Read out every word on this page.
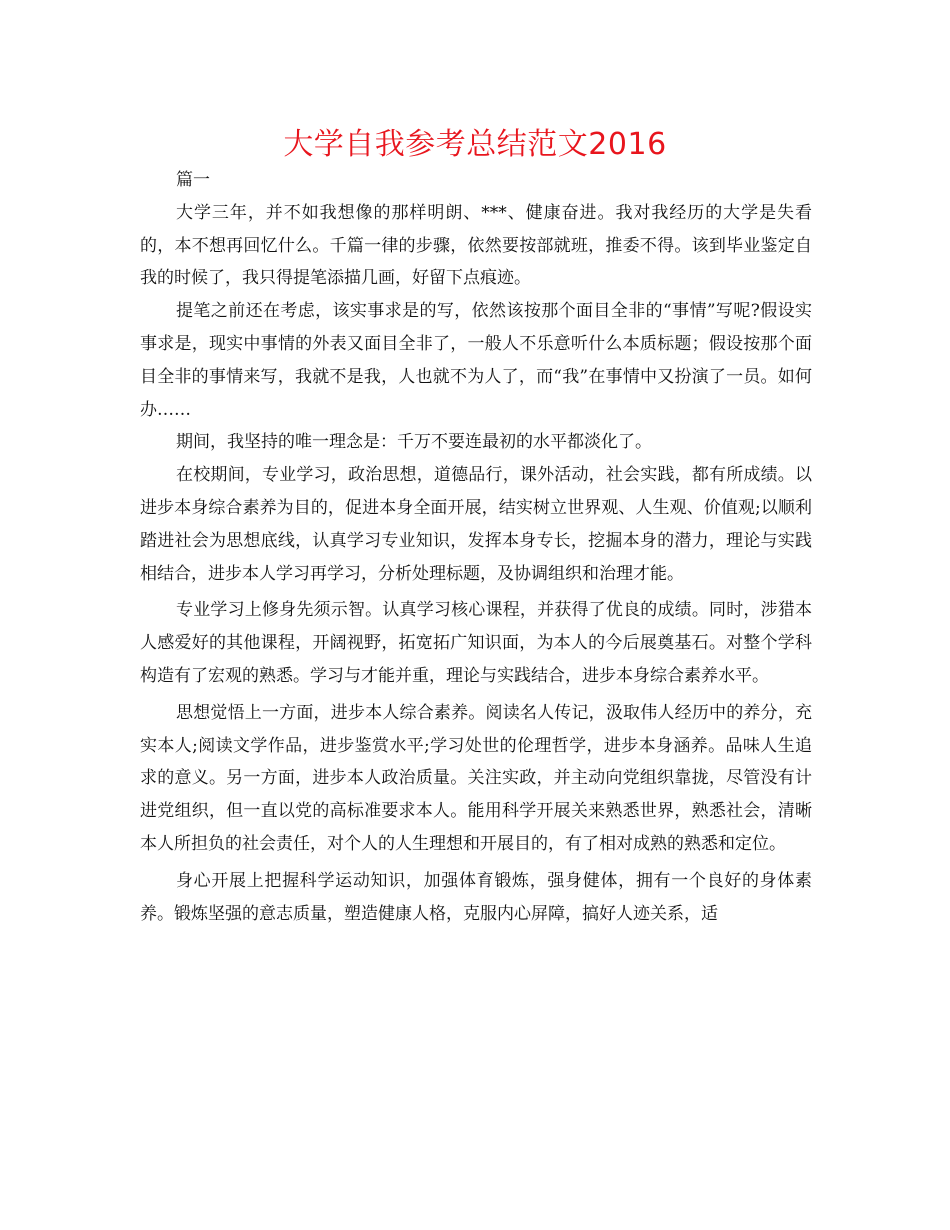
大学自我参考总结范文2016

篇一

大学三年，并不如我想像的那样明朗、***、健康奋进。我对我经历的大学是失看的，本不想再回忆什么。千篇一律的步骤，依然要按部就班，推委不得。该到毕业鉴定自我的时候了，我只得提笔添描几画，好留下点痕迹。

提笔之前还在考虑，该实事求是的写，依然该按那个面目全非的“事情”写呢?假设实事求是，现实中事情的外表又面目全非了，一般人不乐意听什么本质标题；假设按那个面目全非的事情来写，我就不是我，人也就不为人了，而“我”在事情中又扮演了一员。如何办……

期间，我坚持的唯一理念是：千万不要连最初的水平都淡化了。

在校期间，专业学习，政治思想，道德品行，课外活动，社会实践，都有所成绩。以进步本身综合素养为目的，促进本身全面开展，结实树立世界观、人生观、价值观;以顺利踏进社会为思想底线，认真学习专业知识，发挥本身专长，挖掘本身的潜力，理论与实践相结合，进步本人学习再学习，分析处理标题，及协调组织和治理才能。

专业学习上修身先须示智。认真学习核心课程，并获得了优良的成绩。同时，涉猎本人感爱好的其他课程，开阔视野，拓宽拓广知识面，为本人的今后展奠基石。对整个学科构造有了宏观的熟悉。学习与才能并重，理论与实践结合，进步本身综合素养水平。

思想觉悟上一方面，进步本人综合素养。阅读名人传记，汲取伟人经历中的养分，充实本人;阅读文学作品，进步鉴赏水平;学习处世的伦理哲学，进步本身涵养。品味人生追求的意义。另一方面，进步本人政治质量。关注实政，并主动向党组织靠拢，尽管没有计进党组织，但一直以党的高标准要求本人。能用科学开展关来熟悉世界，熟悉社会，清晰本人所担负的社会责任，对个人的人生理想和开展目的，有了相对成熟的熟悉和定位。

身心开展上把握科学运动知识，加强体育锻炼，强身健体，拥有一个良好的身体素养。锻炼坚强的意志质量，塑造健康人格，克服内心屏障，搞好人迹关系，适
